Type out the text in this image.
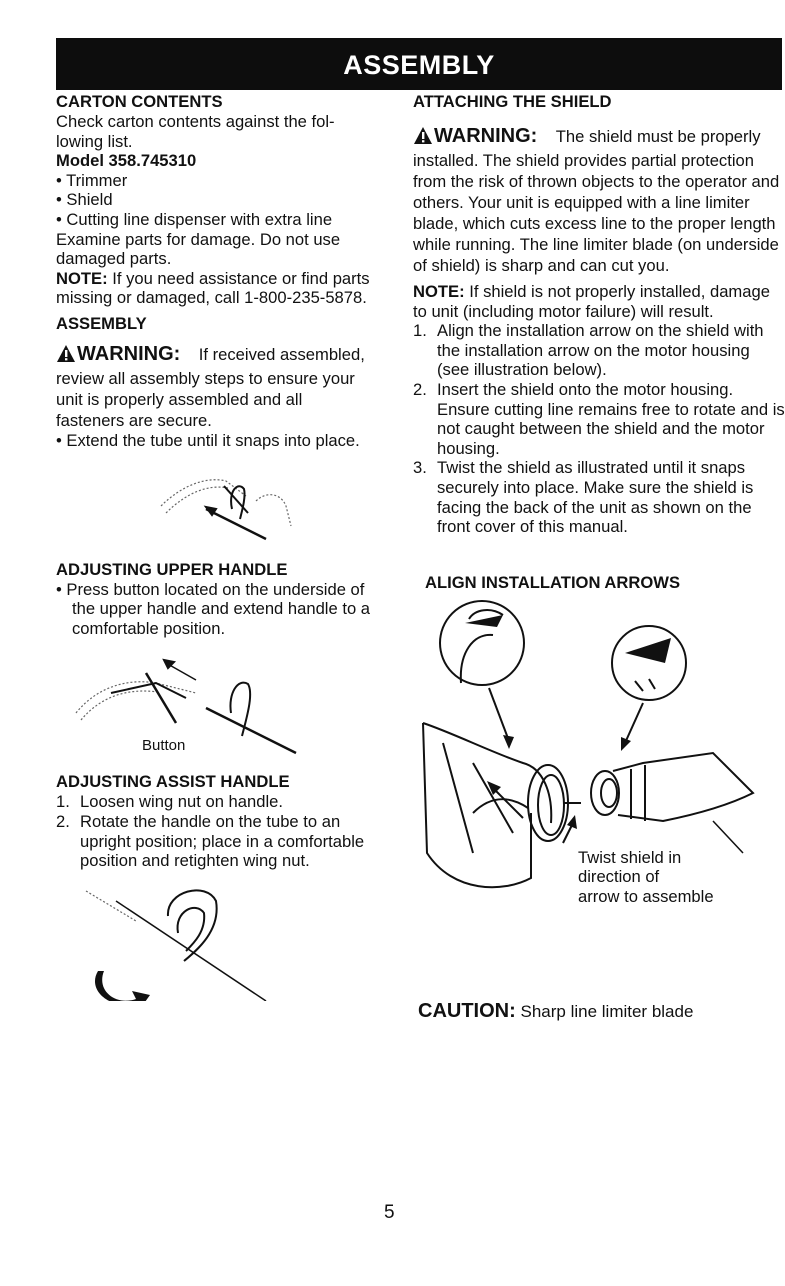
ASSEMBLY
CARTON CONTENTS

Check carton contents against the following list.

Model 358.745310

• Trimmer

• Shield

• Cutting line dispenser with extra line

Examine parts for damage. Do not use damaged parts.

NOTE: If you need assistance or find parts missing or damaged, call 1-800-235-5878.

ASSEMBLY

WARNING: If received assembled, review all assembly steps to ensure your unit is properly assembled and all fasteners are secure.

• Extend the tube until it snaps into place.

ADJUSTING UPPER HANDLE

• Press button located on the underside of the upper handle and extend handle to a comfortable position.

Button
ADJUSTING ASSIST HANDLE
1. Loosen wing nut on handle.
2. Rotate the handle on the tube to an upright position; place in a comfortable position and retighten wing nut.
ATTACHING THE SHIELD

WARNING: The shield must be properly installed. The shield provides partial protection from the risk of thrown objects to the operator and others. Your unit is equipped with a line limiter blade, which cuts excess line to the proper length while running. The line limiter blade (on underside of shield) is sharp and can cut you.

NOTE: If shield is not properly installed, damage to unit (including motor failure) will result.

1. Align the installation arrow on the shield with the installation arrow on the motor housing (see illustration below).
2. Insert the shield onto the motor housing. Ensure cutting line remains free to rotate and is not caught between the shield and the motor housing.
3. Twist the shield as illustrated until it snaps securely into place. Make sure the shield is facing the back of the unit as shown on the front cover of this manual.
ALIGN INSTALLATION ARROWS
Twist shield in
direction of
arrow to assemble
CAUTION: Sharp line limiter blade
5
